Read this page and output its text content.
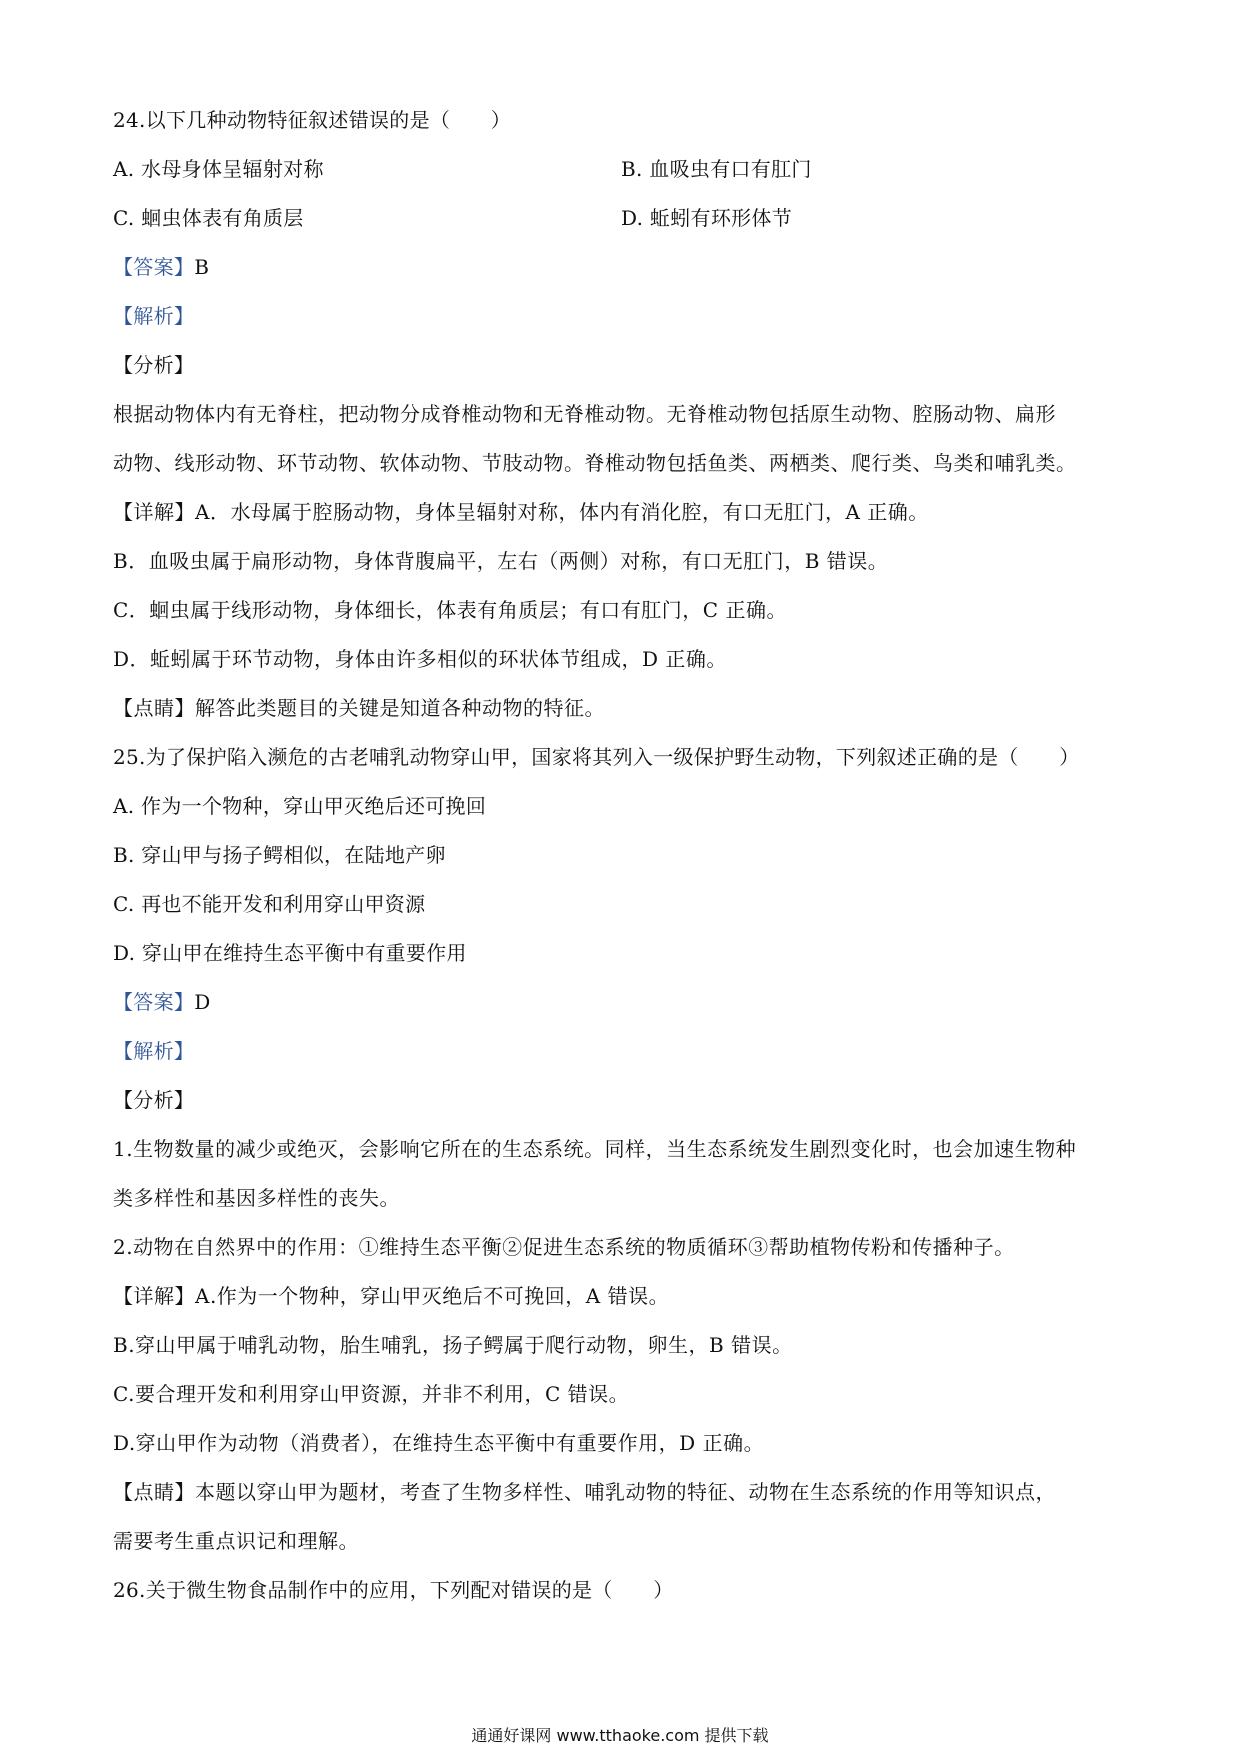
24.以下几种动物特征叙述错误的是（　　）
A. 水母身体呈辐射对称	B. 血吸虫有口有肛门
C. 蛔虫体表有角质层	D. 蚯蚓有环形体节
【答案】B
【解析】
【分析】
根据动物体内有无脊柱，把动物分成脊椎动物和无脊椎动物。无脊椎动物包括原生动物、腔肠动物、扁形
动物、线形动物、环节动物、软体动物、节肢动物。脊椎动物包括鱼类、两栖类、爬行类、鸟类和哺乳类。
【详解】A．水母属于腔肠动物，身体呈辐射对称，体内有消化腔，有口无肛门，A 正确。
B．血吸虫属于扁形动物，身体背腹扁平，左右（两侧）对称，有口无肛门，B 错误。
C．蛔虫属于线形动物，身体细长，体表有角质层；有口有肛门，C 正确。
D．蚯蚓属于环节动物，身体由许多相似的环状体节组成，D 正确。
【点睛】解答此类题目的关键是知道各种动物的特征。
25.为了保护陷入濒危的古老哺乳动物穿山甲，国家将其列入一级保护野生动物，下列叙述正确的是（　　）
A. 作为一个物种，穿山甲灭绝后还可挽回
B. 穿山甲与扬子鳄相似，在陆地产卵
C. 再也不能开发和利用穿山甲资源
D. 穿山甲在维持生态平衡中有重要作用
【答案】D
【解析】
【分析】
1.生物数量的减少或绝灭，会影响它所在的生态系统。同样，当生态系统发生剧烈变化时，也会加速生物种
类多样性和基因多样性的丧失。
2.动物在自然界中的作用：①维持生态平衡②促进生态系统的物质循环③帮助植物传粉和传播种子。
【详解】A.作为一个物种，穿山甲灭绝后不可挽回，A 错误。
B.穿山甲属于哺乳动物，胎生哺乳，扬子鳄属于爬行动物，卵生，B 错误。
C.要合理开发和利用穿山甲资源，并非不利用，C 错误。
D.穿山甲作为动物（消费者），在维持生态平衡中有重要作用，D 正确。
【点睛】本题以穿山甲为题材，考查了生物多样性、哺乳动物的特征、动物在生态系统的作用等知识点，
需要考生重点识记和理解。
26.关于微生物食品制作中的应用，下列配对错误的是（　　）
通通好课网 www.tthaoke.com 提供下载
